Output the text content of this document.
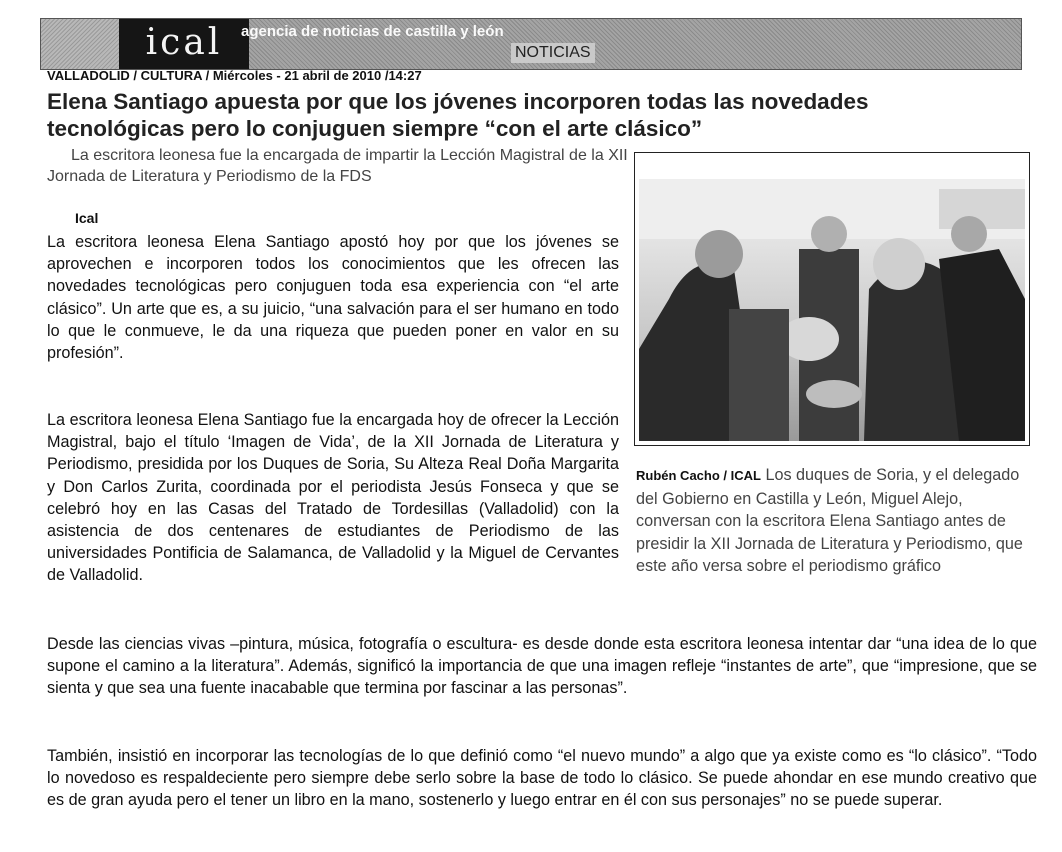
ical	agencia de noticias de castilla y león
NOTICIAS
VALLADOLID / CULTURA / Miércoles - 21 abril de 2010 /14:27
Elena Santiago apuesta por que los jóvenes incorporen todas las novedades tecnológicas pero lo conjuguen siempre “con el arte clásico”
La escritora leonesa fue la encargada de impartir la Lección Magistral de la XII Jornada de Literatura y Periodismo de la FDS
Ical

La escritora leonesa Elena Santiago apostó hoy por que los jóvenes se aprovechen e incorporen todos los conocimientos que les ofrecen las novedades tecnológicas pero conjuguen toda esa experiencia con “el arte clásico”. Un arte que es, a su juicio, “una salvación para el ser humano en todo lo que le conmueve, le da una riqueza que pueden poner en valor en su profesión”.

La escritora leonesa Elena Santiago fue la encargada hoy de ofrecer la Lección Magistral, bajo el título ‘Imagen de Vida’, de la XII Jornada de Literatura y Periodismo, presidida por los Duques de Soria, Su Alteza Real Doña Margarita y Don Carlos Zurita, coordinada por el periodista Jesús Fonseca y que se celebró hoy en las Casas del Tratado de Tordesillas (Valladolid) con la asistencia de dos centenares de estudiantes de Periodismo de las universidades Pontificia de Salamanca, de Valladolid y la Miguel de Cervantes de Valladolid.

Rubén Cacho / ICAL Los duques de Soria, y el delegado del Gobierno en Castilla y León, Miguel Alejo, conversan con la escritora Elena Santiago antes de presidir la XII Jornada de Literatura y Periodismo, que este año versa sobre el periodismo gráfico

Desde las ciencias vivas –pintura, música, fotografía o escultura- es desde donde esta escritora leonesa intentar dar “una idea de lo que supone el camino a la literatura”. Además, significó la importancia de que una imagen refleje “instantes de arte”, que “impresione, que se sienta y que sea una fuente inacabable que termina por fascinar a las personas”.

También, insistió en incorporar las tecnologías de lo que definió como “el nuevo mundo” a algo que ya existe como es “lo clásico”. “Todo lo novedoso es respaldeciente pero siempre debe serlo sobre la base de todo lo clásico. Se puede ahondar en ese mundo creativo que es de gran ayuda pero el tener un libro en la mano, sostenerlo y luego entrar en él con sus personajes” no se puede superar.
